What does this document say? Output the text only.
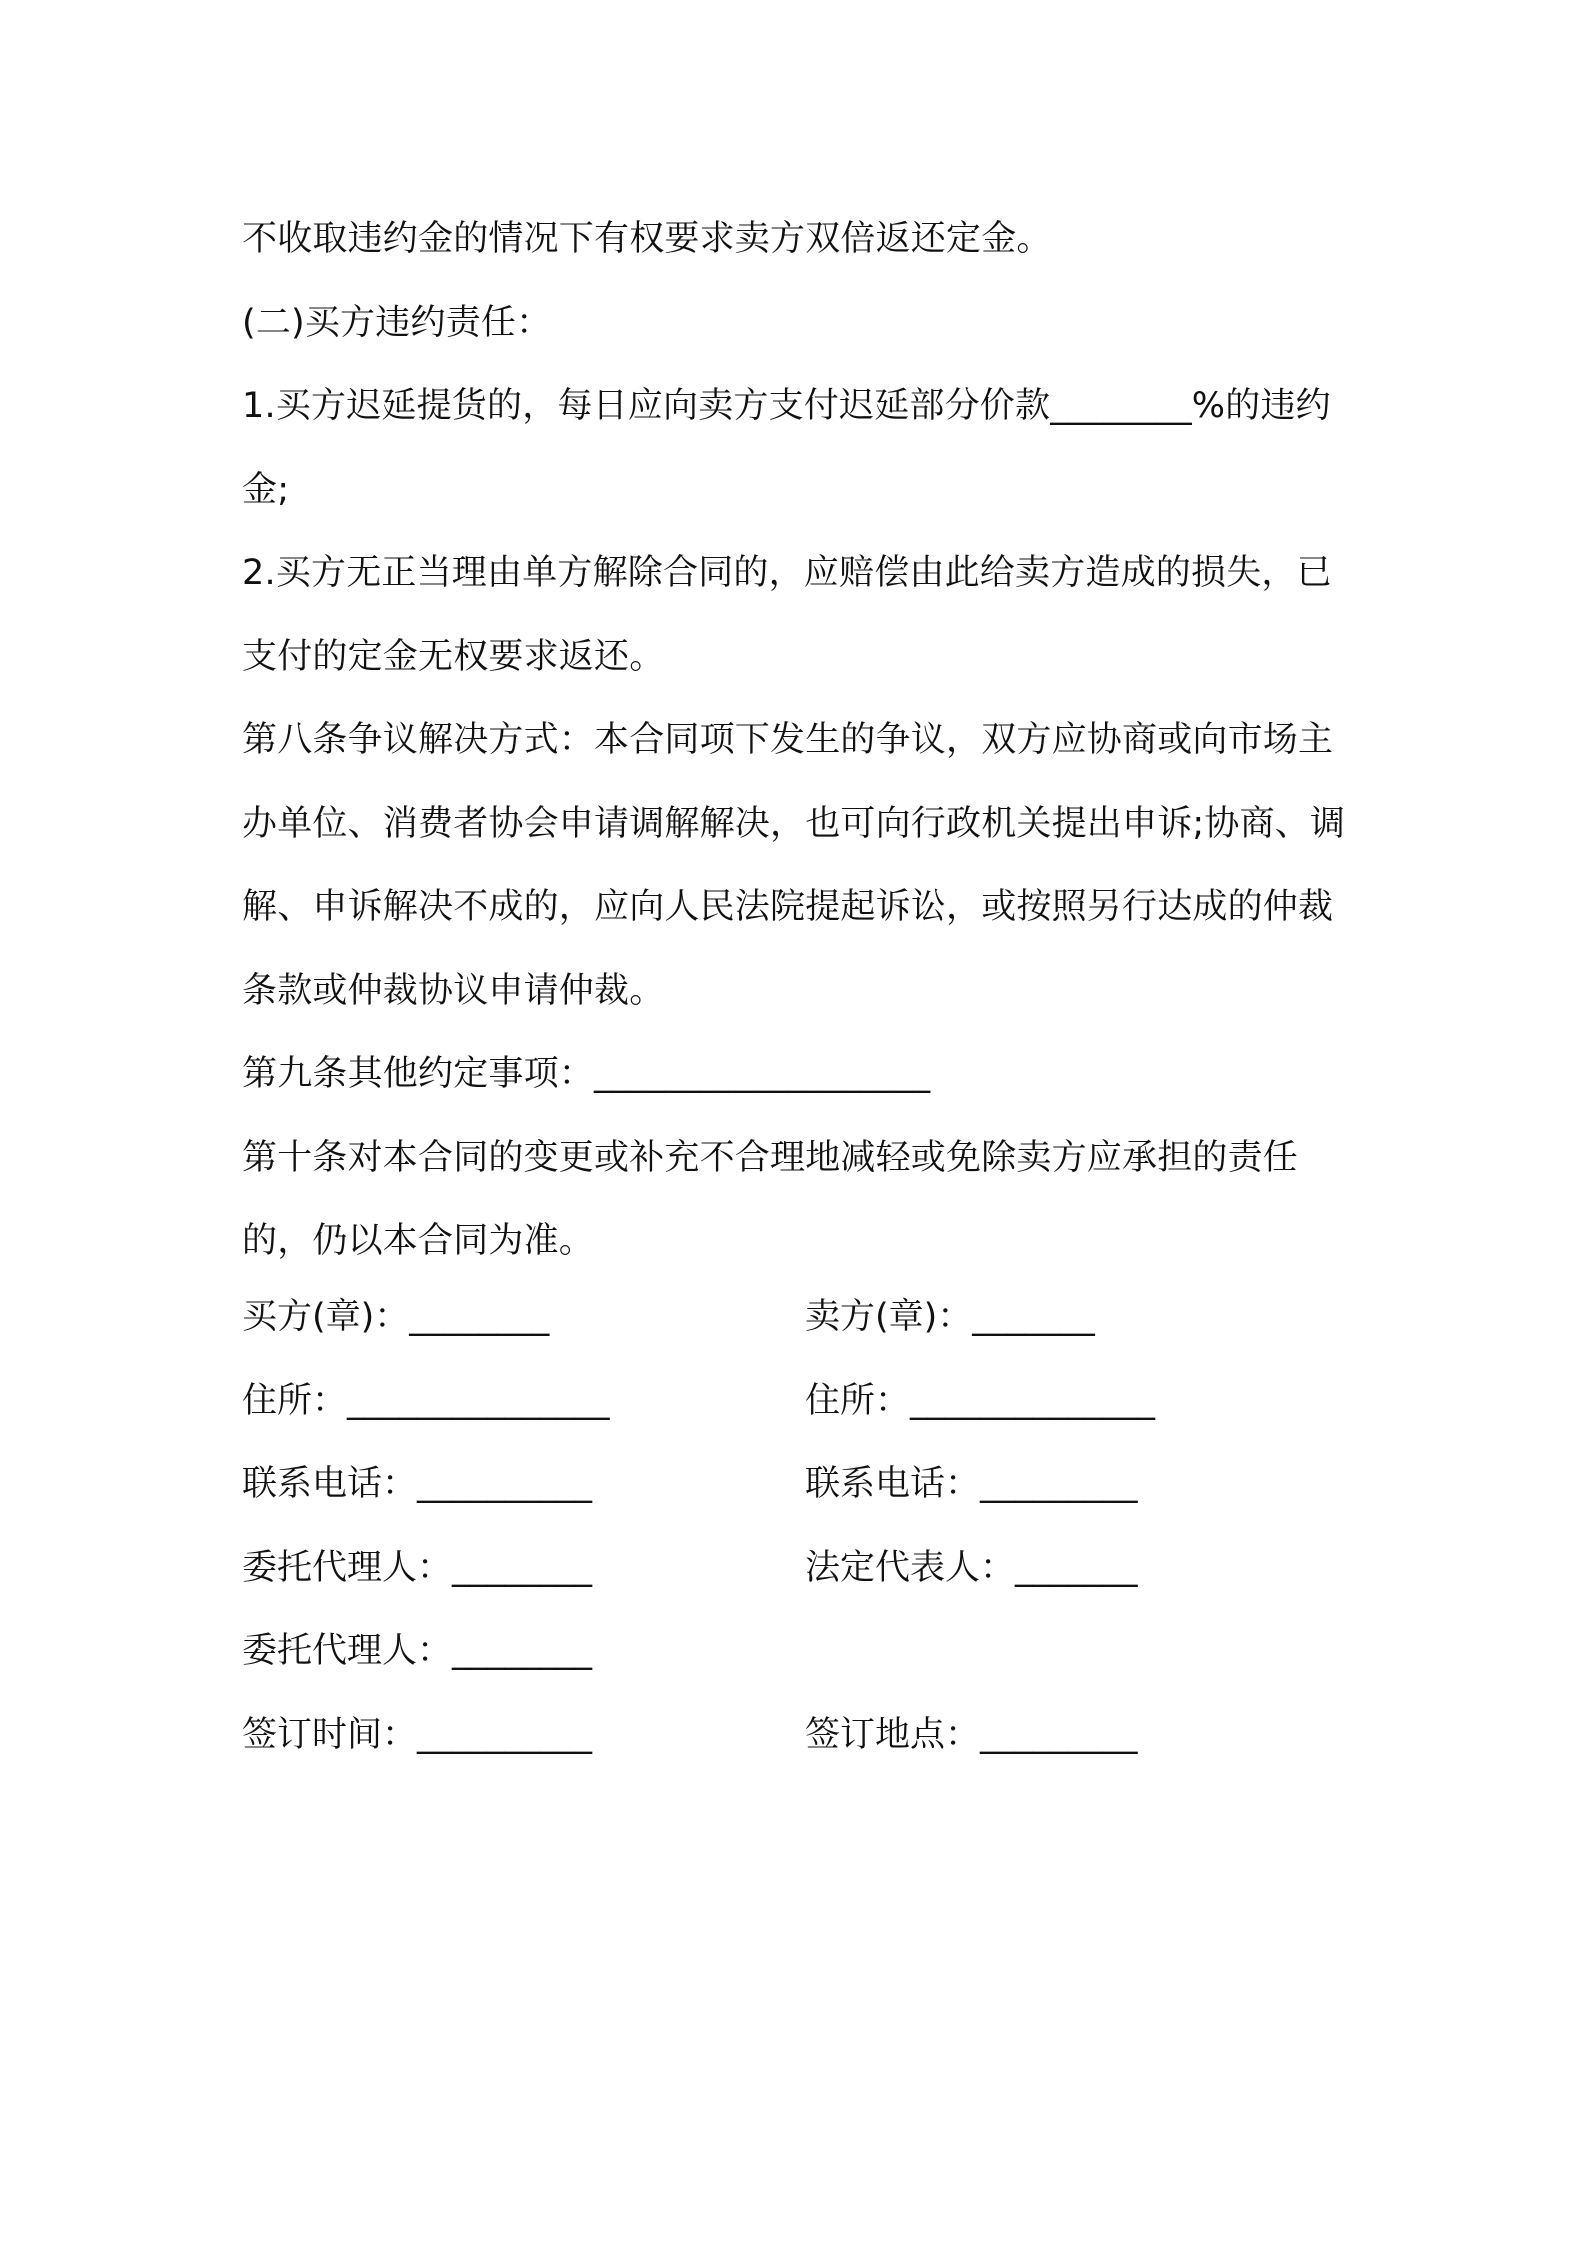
不收取违约金的情况下有权要求卖方双倍返还定金。

(二)买方违约责任：

1.买方迟延提货的，每日应向卖方支付迟延部分价款________%的违约金;

2.买方无正当理由单方解除合同的，应赔偿由此给卖方造成的损失，已支付的定金无权要求返还。

第八条争议解决方式：本合同项下发生的争议，双方应协商或向市场主办单位、消费者协会申请调解解决，也可向行政机关提出申诉;协商、调解、申诉解决不成的，应向人民法院提起诉讼，或按照另行达成的仲裁条款或仲裁协议申请仲裁。

第九条其他约定事项：___________________

第十条对本合同的变更或补充不合理地减轻或免除卖方应承担的责任的，仍以本合同为准。

买方(章)：________	卖方(章)：_______
住所：_______________	住所：______________
联系电话：__________	联系电话：_________
委托代理人：________	法定代表人：_______
委托代理人：________
签订时间：__________	签订地点：_________
